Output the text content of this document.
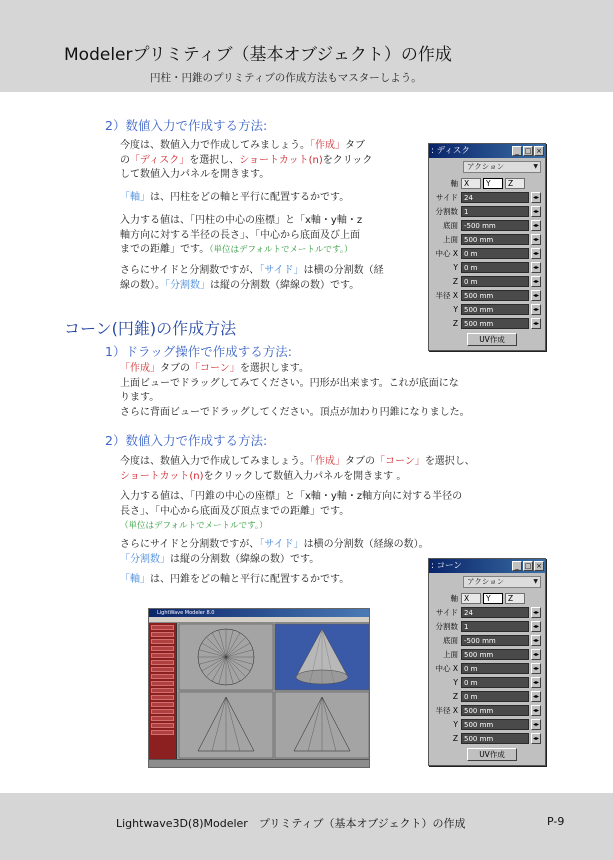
Modelerプリミティブ（基本オブジェクト）の作成
円柱・円錐のプリミティブの作成方法もマスターしよう。
2）数値入力で作成する方法:
今度は、数値入力で作成してみましょう。「作成」タブ
の「ディスク」を選択し、ショートカット(n)をクリック
して数値入力パネルを開きます。
「軸」は、円柱をどの軸と平行に配置するかです。
入力する値は、「円柱の中心の座標」と「x軸・y軸・z
軸方向に対する半径の長さ」、「中心から底面及び上面
までの距離」です。（単位はデフォルトでメートルです。）
さらにサイドと分割数ですが、「サイド」は横の分割数（経
線の数）。「分割数」は縦の分割数（緯線の数）です。
: ディスク	_ □ ×
アクション	▼
軸 X	Y	Z
サイド 24	◂▸
分割数 1	◂▸
底面 -500 mm	◂▸
上面 500 mm	◂▸
中心 X 0 m	◂▸
Y 0 m	◂▸
Z 0 m	◂▸
半径 X 500 mm	◂▸
Y 500 mm	◂▸
Z 500 mm	◂▸
UV作成
コーン(円錐)の作成方法
1）ドラッグ操作で作成する方法:
「作成」タブの「コーン」を選択します。
上面ビューでドラッグしてみてください。円形が出来ます。これが底面にな
ります。
さらに背面ビューでドラッグしてください。頂点が加わり円錐になりました。
2）数値入力で作成する方法:
今度は、数値入力で作成してみましょう。「作成」タブの「コーン」を選択し、
ショートカット(n)をクリックして数値入力パネルを開きます 。
入力する値は、「円錐の中心の座標」と「x軸・y軸・z軸方向に対する半径の
長さ」、「中心から底面及び頂点までの距離」です。
（単位はデフォルトでメートルです。）
さらにサイドと分割数ですが、「サイド」は横の分割数（経線の数）。
「分割数」は縦の分割数（緯線の数）です。
「軸」は、円錐をどの軸と平行に配置するかです。
: コーン	_ □ ×
アクション	▼
軸 X	Y	Z
サイド 24	◂▸
分割数 1	◂▸
底面 -500 mm	◂▸
上面 500 mm	◂▸
中心 X 0 m	◂▸
Y 0 m	◂▸
Z 0 m	◂▸
半径 X 500 mm	◂▸
Y 500 mm	◂▸
Z 500 mm	◂▸
UV作成
LightWave Modeler 8.0
Lightwave3D(8)Modeler　プリミティブ（基本オブジェクト）の作成	P-9
